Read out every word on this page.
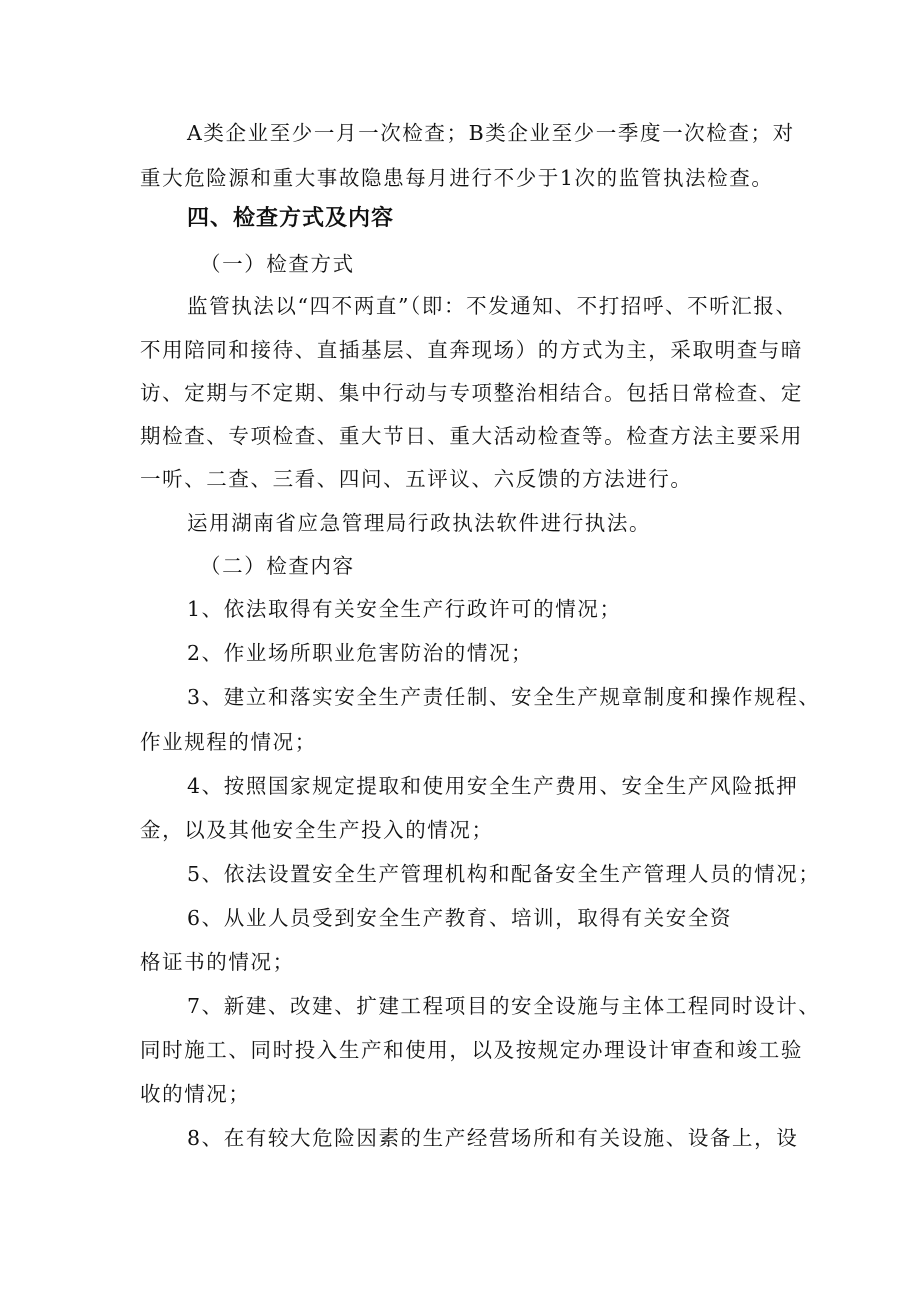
A类企业至少一月一次检查；B类企业至少一季度一次检查；对
重大危险源和重大事故隐患每月进行不少于1次的监管执法检查。
四、检查方式及内容
（一）检查方式
监管执法以“四不两直”（即：不发通知、不打招呼、不听汇报、
不用陪同和接待、直插基层、直奔现场）的方式为主，采取明查与暗
访、定期与不定期、集中行动与专项整治相结合。包括日常检查、定
期检查、专项检查、重大节日、重大活动检查等。检查方法主要采用
一听、二查、三看、四问、五评议、六反馈的方法进行。
运用湖南省应急管理局行政执法软件进行执法。
（二）检查内容
1、依法取得有关安全生产行政许可的情况；
2、作业场所职业危害防治的情况；
3、建立和落实安全生产责任制、安全生产规章制度和操作规程、
作业规程的情况；
4、按照国家规定提取和使用安全生产费用、安全生产风险抵押
金，以及其他安全生产投入的情况；
5、依法设置安全生产管理机构和配备安全生产管理人员的情况；
6、从业人员受到安全生产教育、培训，取得有关安全资
格证书的情况；
7、新建、改建、扩建工程项目的安全设施与主体工程同时设计、
同时施工、同时投入生产和使用，以及按规定办理设计审查和竣工验
收的情况；
8、在有较大危险因素的生产经营场所和有关设施、设备上，设
